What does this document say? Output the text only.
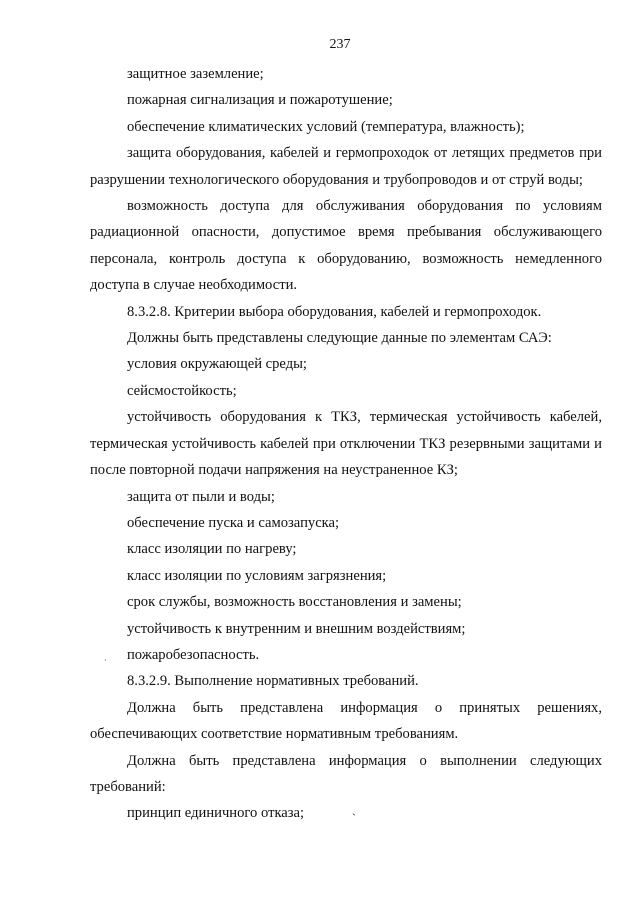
237

защитное заземление;

пожарная сигнализация и пожаротушение;

обеспечение климатических условий (температура, влажность);

защита оборудования, кабелей и гермопроходок от летящих предметов при разрушении технологического оборудования и трубопроводов и от струй воды;

возможность доступа для обслуживания оборудования по условиям радиационной опасности, допустимое время пребывания обслуживающего персонала, контроль доступа к оборудованию, возможность немедленного доступа в случае необходимости.

8.3.2.8. Критерии выбора оборудования, кабелей и гермопроходок.

Должны быть представлены следующие данные по элементам САЭ:

условия окружающей среды;

сейсмостойкость;

устойчивость оборудования к ТКЗ, термическая устойчивость кабелей, термическая устойчивость кабелей при отключении ТКЗ резервными защитами и после повторной подачи напряжения на неустраненное КЗ;

защита от пыли и воды;

обеспечение пуска и самозапуска;

класс изоляции по нагреву;

класс изоляции по условиям загрязнения;

срок службы, возможность восстановления и замены;

устойчивость к внутренним и внешним воздействиям;

пожаробезопасность.

8.3.2.9. Выполнение нормативных требований.

Должна быть представлена информация о принятых решениях, обеспечивающих соответствие нормативным требованиям.

Должна быть представлена информация о выполнении следующих требований:

принцип единичного отказа;	`
·
